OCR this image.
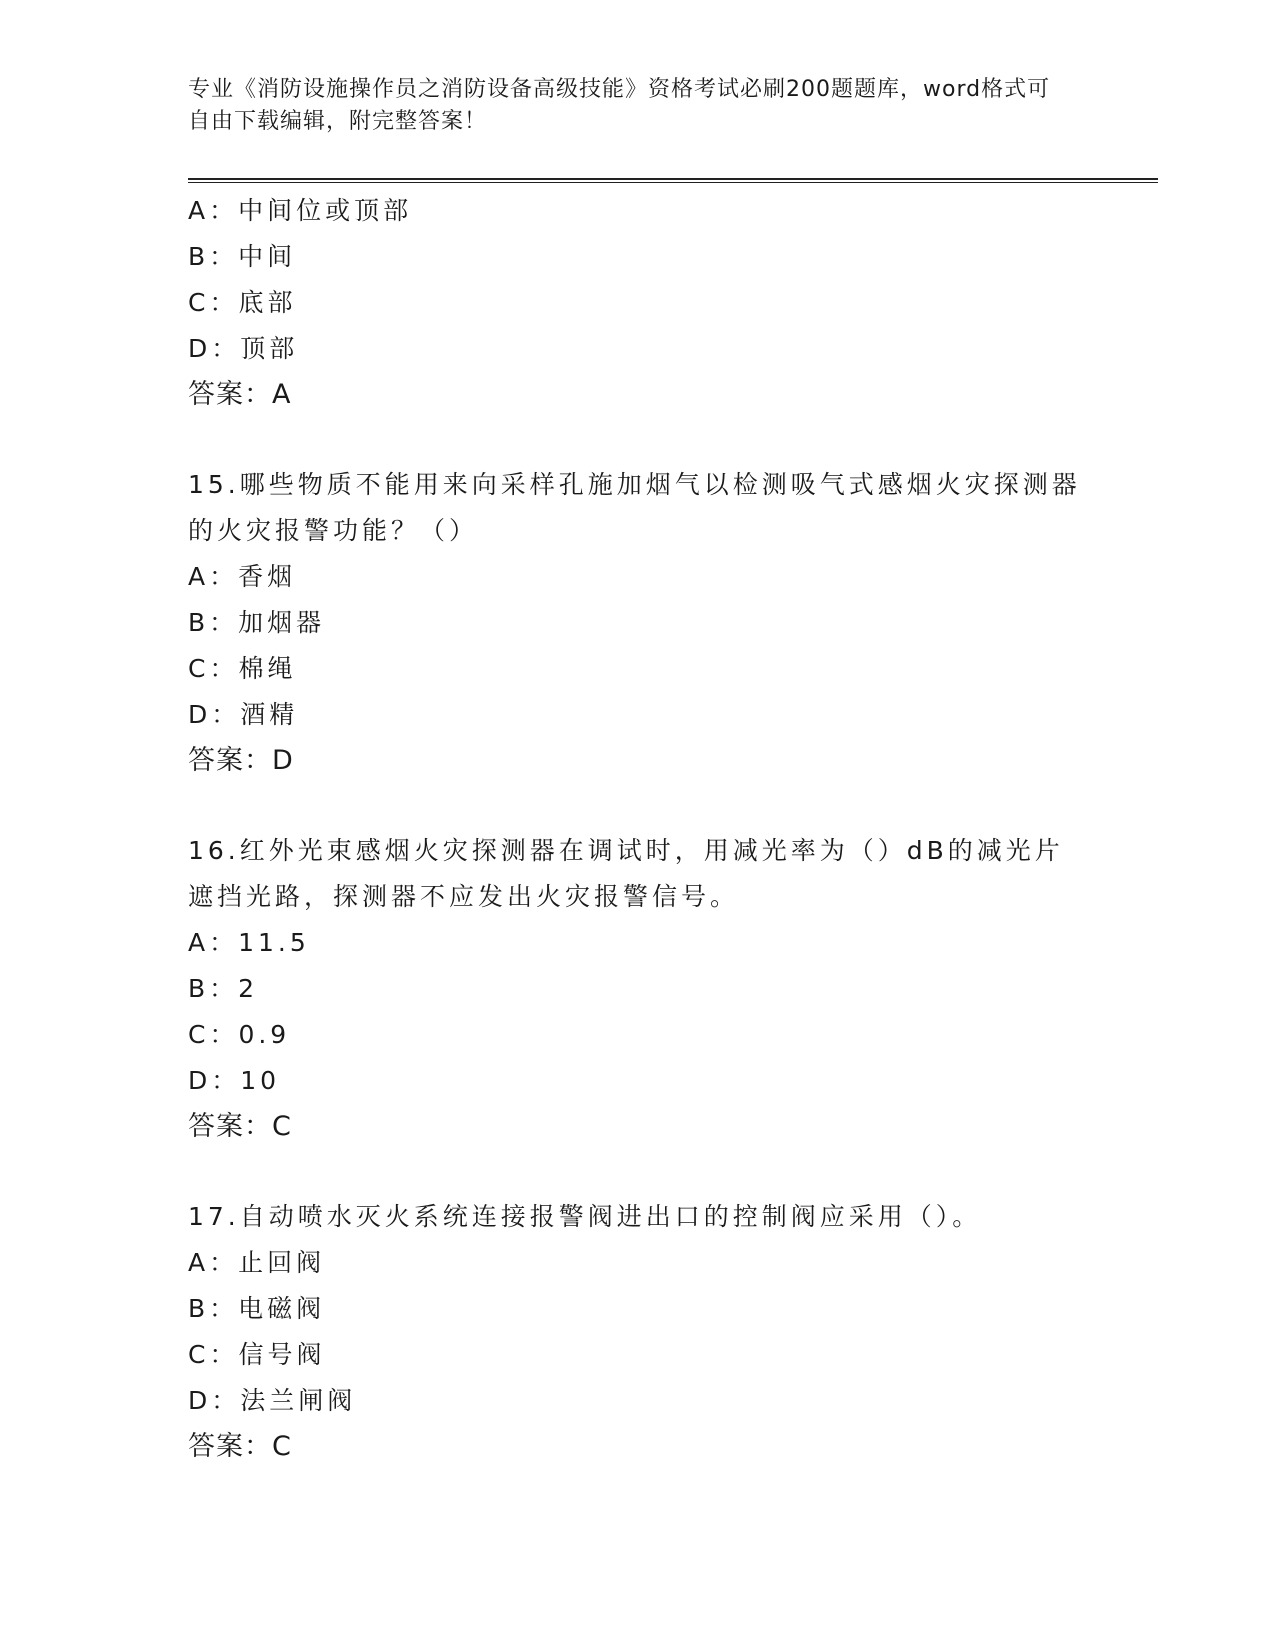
专业《消防设施操作员之消防设备高级技能》资格考试必刷200题题库，word格式可自由下载编辑，附完整答案！
A：中间位或顶部
B：中间
C：底部
D：顶部
答案：A
15.哪些物质不能用来向采样孔施加烟气以检测吸气式感烟火灾探测器的火灾报警功能？（）
A：香烟
B：加烟器
C：棉绳
D：酒精
答案：D
16.红外光束感烟火灾探测器在调试时，用减光率为（）dB的减光片遮挡光路，探测器不应发出火灾报警信号。
A：11.5
B：2
C：0.9
D：10
答案：C
17.自动喷水灭火系统连接报警阀进出口的控制阀应采用（）。
A：止回阀
B：电磁阀
C：信号阀
D：法兰闸阀
答案：C
